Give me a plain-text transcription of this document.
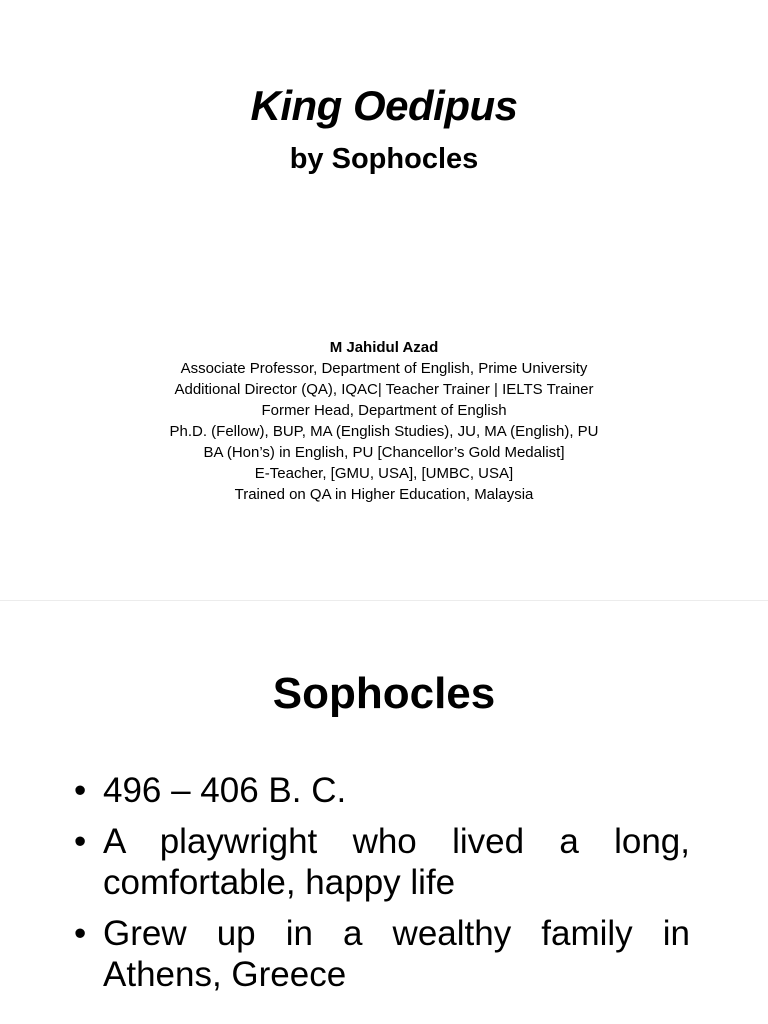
King Oedipus
by Sophocles
M Jahidul Azad
Associate Professor, Department of English, Prime University
Additional Director (QA), IQAC| Teacher Trainer | IELTS Trainer
Former Head, Department of English
Ph.D. (Fellow), BUP, MA (English Studies), JU, MA (English), PU
BA (Hon’s) in English, PU [Chancellor’s Gold Medalist]
E-Teacher, [GMU, USA], [UMBC, USA]
Trained on QA in Higher Education, Malaysia
Sophocles
• 496 – 406 B. C.
• A playwright who lived a long, comfortable, happy life
• Grew up in a wealthy family in Athens, Greece
